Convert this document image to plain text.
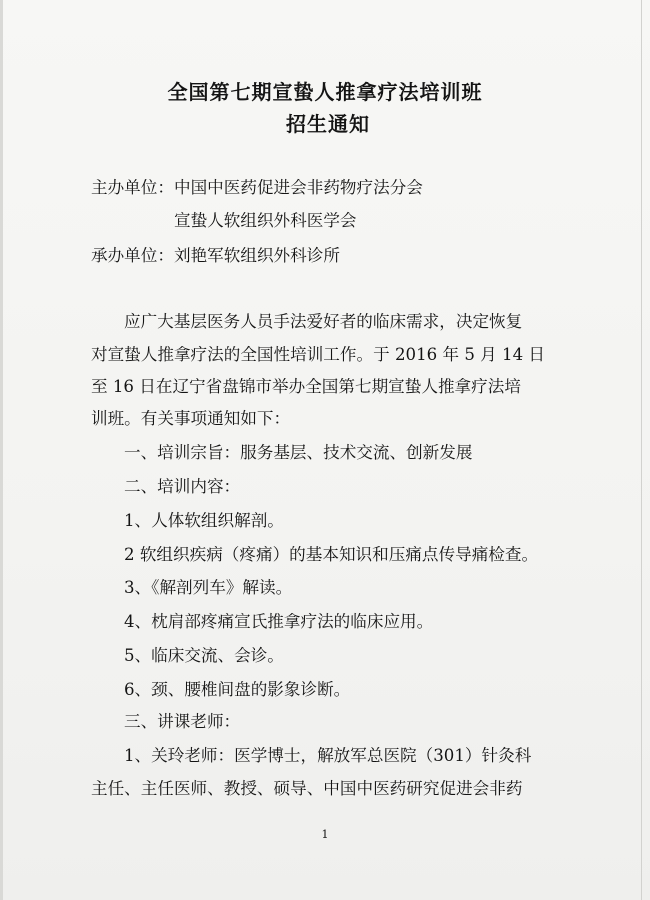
全国第七期宣蛰人推拿疗法培训班
招生通知
主办单位： 中国中医药促进会非药物疗法分会
宣蛰人软组织外科医学会
承办单位： 刘艳军软组织外科诊所
应广大基层医务人员手法爱好者的临床需求，决定恢复
对宣蛰人推拿疗法的全国性培训工作。于 2016 年 5 月 14 日
至 16 日在辽宁省盘锦市举办全国第七期宣蛰人推拿疗法培
训班。有关事项通知如下：
一、培训宗旨：服务基层、技术交流、创新发展
二、培训内容：
1、人体软组织解剖。
2 软组织疾病（疼痛）的基本知识和压痛点传导痛检查。
3、《解剖列车》解读。
4、枕肩部疼痛宣氏推拿疗法的临床应用。
5、临床交流、会诊。
6、颈、腰椎间盘的影象诊断。
三、讲课老师：
1、关玲老师：医学博士，解放军总医院（301）针灸科
主任、主任医师、教授、硕导、中国中医药研究促进会非药
1
